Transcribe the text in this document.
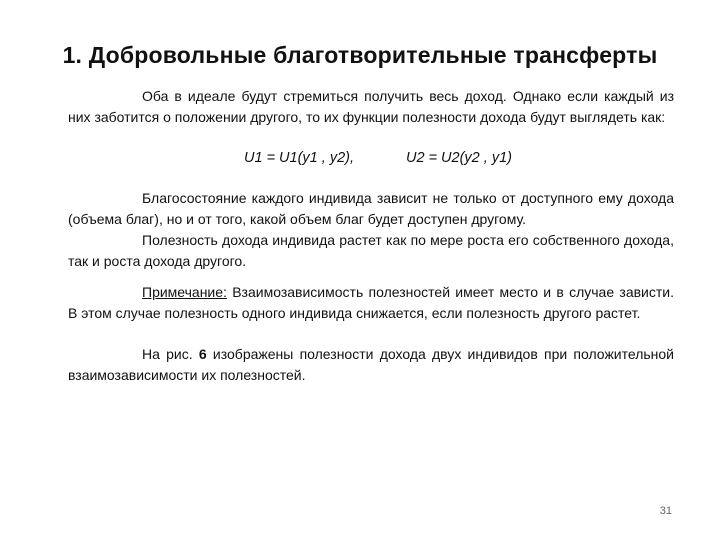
1. Добровольные благотворительные трансферты

Оба в идеале будут стремиться получить весь доход. Однако если каждый из них заботится о положении другого, то их функции полезности дохода будут выглядеть как:

U1 = U1(y1 , y2),	U2 = U2(y2 , y1)

Благосостояние каждого индивида зависит не только от доступного ему дохода (объема благ), но и от того, какой объем благ будет доступен другому.

Полезность дохода индивида растет как по мере роста его собственного дохода, так и роста дохода другого.

Примечание: Взаимозависимость полезностей имеет место и в случае зависти. В этом случае полезность одного индивида снижается, если полезность другого растет.

На рис. 6 изображены полезности дохода двух индивидов при положительной взаимозависимости их полезностей.

31
